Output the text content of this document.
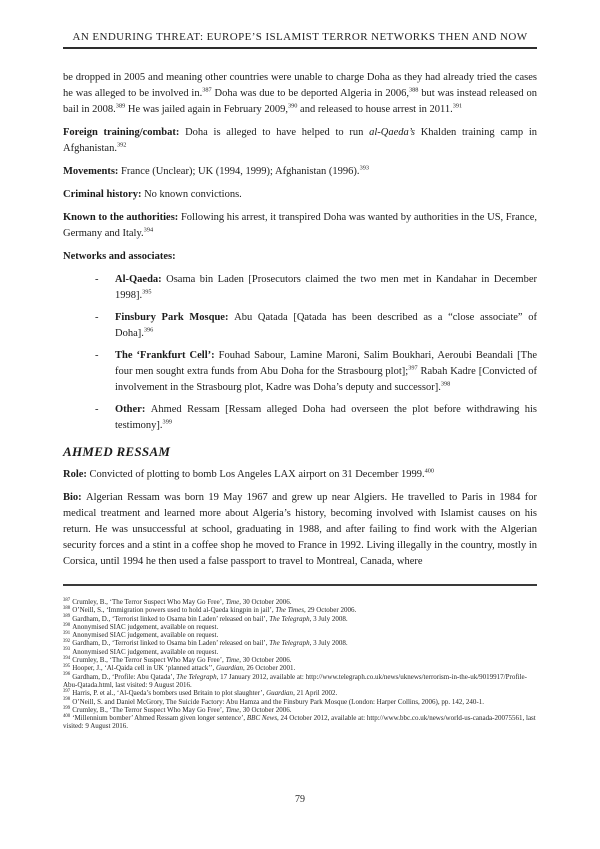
AN ENDURING THREAT: EUROPE’S ISLAMIST TERROR NETWORKS THEN AND NOW

be dropped in 2005 and meaning other countries were unable to charge Doha as they had already tried the cases he was alleged to be involved in.$^{387}$ Doha was due to be deported Algeria in 2006,$^{388}$ but was instead released on bail in 2008.$^{389}$ He was jailed again in February 2009,$^{390}$ and released to house arrest in 2011.$^{391}$

Foreign training/combat: Doha is alleged to have helped to run al-Qaeda’s Khalden training camp in Afghanistan.$^{392}$

Movements: France (Unclear); UK (1994, 1999); Afghanistan (1996).$^{393}$

Criminal history: No known convictions.

Known to the authorities: Following his arrest, it transpired Doha was wanted by authorities in the US, France, Germany and Italy.$^{394}$

Networks and associates:

-	Al-Qaeda: Osama bin Laden [Prosecutors claimed the two men met in Kandahar in December 1998].$^{395}$
-	Finsbury Park Mosque: Abu Qatada [Qatada has been described as a “close associate” of Doha].$^{396}$
-	The ‘Frankfurt Cell’: Fouhad Sabour, Lamine Maroni, Salim Boukhari, Aeroubi Beandali [The four men sought extra funds from Abu Doha for the Strasbourg plot];$^{397}$ Rabah Kadre [Convicted of involvement in the Strasbourg plot, Kadre was Doha’s deputy and successor].$^{398}$
-	Other: Ahmed Ressam [Ressam alleged Doha had overseen the plot before withdrawing his testimony].$^{399}$
AHMED RESSAM

Role: Convicted of plotting to bomb Los Angeles LAX airport on 31 December 1999.$^{400}$

Bio: Algerian Ressam was born 19 May 1967 and grew up near Algiers. He travelled to Paris in 1984 for medical treatment and learned more about Algeria’s history, becoming involved with Islamist causes on his return. He was unsuccessful at school, graduating in 1988, and after failing to find work with the Algerian security forces and a stint in a coffee shop he moved to France in 1992. Living illegally in the country, mostly in Corsica, until 1994 he then used a false passport to travel to Montreal, Canada, where

$^{387}$ Crumley, B., ‘The Terror Suspect Who May Go Free’, Time, 30 October 2006.
$^{388}$ O’Neill, S., ‘Immigration powers used to hold al-Qaeda kingpin in jail’, The Times, 29 October 2006.
$^{389}$ Gardham, D., ‘Terrorist linked to Osama bin Laden’ released on bail’, The Telegraph, 3 July 2008.
$^{390}$ Anonymised SIAC judgement, available on request.
$^{391}$ Anonymised SIAC judgement, available on request.
$^{392}$ Gardham, D., ‘Terrorist linked to Osama bin Laden’ released on bail’, The Telegraph, 3 July 2008.
$^{393}$ Anonymised SIAC judgement, available on request.
$^{394}$ Crumley, B., ‘The Terror Suspect Who May Go Free’, Time, 30 October 2006.
$^{395}$ Hooper, J., ‘Al-Qaida cell in UK ‘planned attack’’, Guardian, 26 October 2001.
$^{396}$ Gardham, D., ‘Profile: Abu Qatada’, The Telegraph, 17 January 2012, available at: http://www.telegraph.co.uk/news/uknews/terrorism-in-the-uk/9019917/Profile-Abu-Qatada.html, last visited: 9 August 2016.
$^{397}$ Harris, P. et al., ‘Al-Qaeda’s bombers used Britain to plot slaughter’, Guardian, 21 April 2002.
$^{398}$ O’Neill, S. and Daniel McGrory, The Suicide Factory: Abu Hamza and the Finsbury Park Mosque (London: Harper Collins, 2006), pp. 142, 240-1.
$^{399}$ Crumley, B., ‘The Terror Suspect Who May Go Free’, Time, 30 October 2006.
$^{400}$ ‘Millennium bomber’ Ahmed Ressam given longer sentence’, BBC News, 24 October 2012, available at: http://www.bbc.co.uk/news/world-us-canada-20075561, last visited: 9 August 2016.
79
